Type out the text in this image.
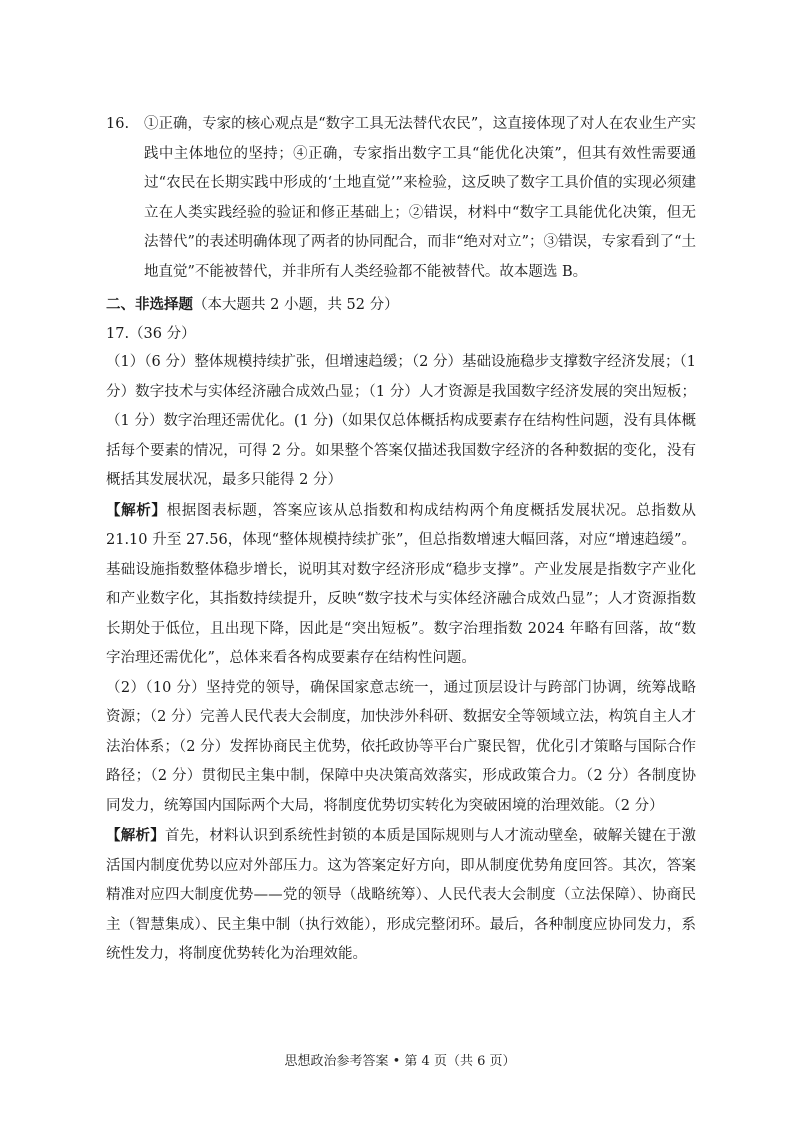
16.	①正确，专家的核心观点是“数字工具无法替代农民”，这直接体现了对人在农业生产实践中主体地位的坚持；④正确，专家指出数字工具“能优化决策”，但其有效性需要通过“农民在长期实践中形成的‘土地直觉’”来检验，这反映了数字工具价值的实现必须建立在人类实践经验的验证和修正基础上；②错误，材料中“数字工具能优化决策，但无法替代”的表述明确体现了两者的协同配合，而非“绝对对立”；③错误，专家看到了“土地直觉”不能被替代，并非所有人类经验都不能被替代。故本题选 B。
二、非选择题（本大题共 2 小题，共 52 分）
17.（36 分）
（1）（6 分）整体规模持续扩张，但增速趋缓；（2 分）基础设施稳步支撑数字经济发展；（1 分）数字技术与实体经济融合成效凸显；（1 分）人才资源是我国数字经济发展的突出短板；（1 分）数字治理还需优化。(1 分)（如果仅总体概括构成要素存在结构性问题，没有具体概括每个要素的情况，可得 2 分。如果整个答案仅描述我国数字经济的各种数据的变化，没有概括其发展状况，最多只能得 2 分）
【解析】根据图表标题，答案应该从总指数和构成结构两个角度概括发展状况。总指数从 21.10 升至 27.56，体现“整体规模持续扩张”，但总指数增速大幅回落，对应“增速趋缓”。基础设施指数整体稳步增长，说明其对数字经济形成“稳步支撑”。产业发展是指数字产业化和产业数字化，其指数持续提升，反映“数字技术与实体经济融合成效凸显”；人才资源指数长期处于低位，且出现下降，因此是“突出短板”。数字治理指数 2024 年略有回落，故“数字治理还需优化”，总体来看各构成要素存在结构性问题。
（2）（10 分）坚持党的领导，确保国家意志统一，通过顶层设计与跨部门协调，统筹战略资源；（2 分）完善人民代表大会制度，加快涉外科研、数据安全等领域立法，构筑自主人才法治体系；（2 分）发挥协商民主优势，依托政协等平台广聚民智，优化引才策略与国际合作路径；（2 分）贯彻民主集中制，保障中央决策高效落实，形成政策合力。（2 分）各制度协同发力，统筹国内国际两个大局，将制度优势切实转化为突破困境的治理效能。（2 分）
【解析】首先，材料认识到系统性封锁的本质是国际规则与人才流动壁垒，破解关键在于激活国内制度优势以应对外部压力。这为答案定好方向，即从制度优势角度回答。其次，答案精准对应四大制度优势——党的领导（战略统筹）、人民代表大会制度（立法保障）、协商民主（智慧集成）、民主集中制（执行效能），形成完整闭环。最后，各种制度应协同发力，系统性发力，将制度优势转化为治理效能。
思想政治参考答案 • 第 4 页（共 6 页）
